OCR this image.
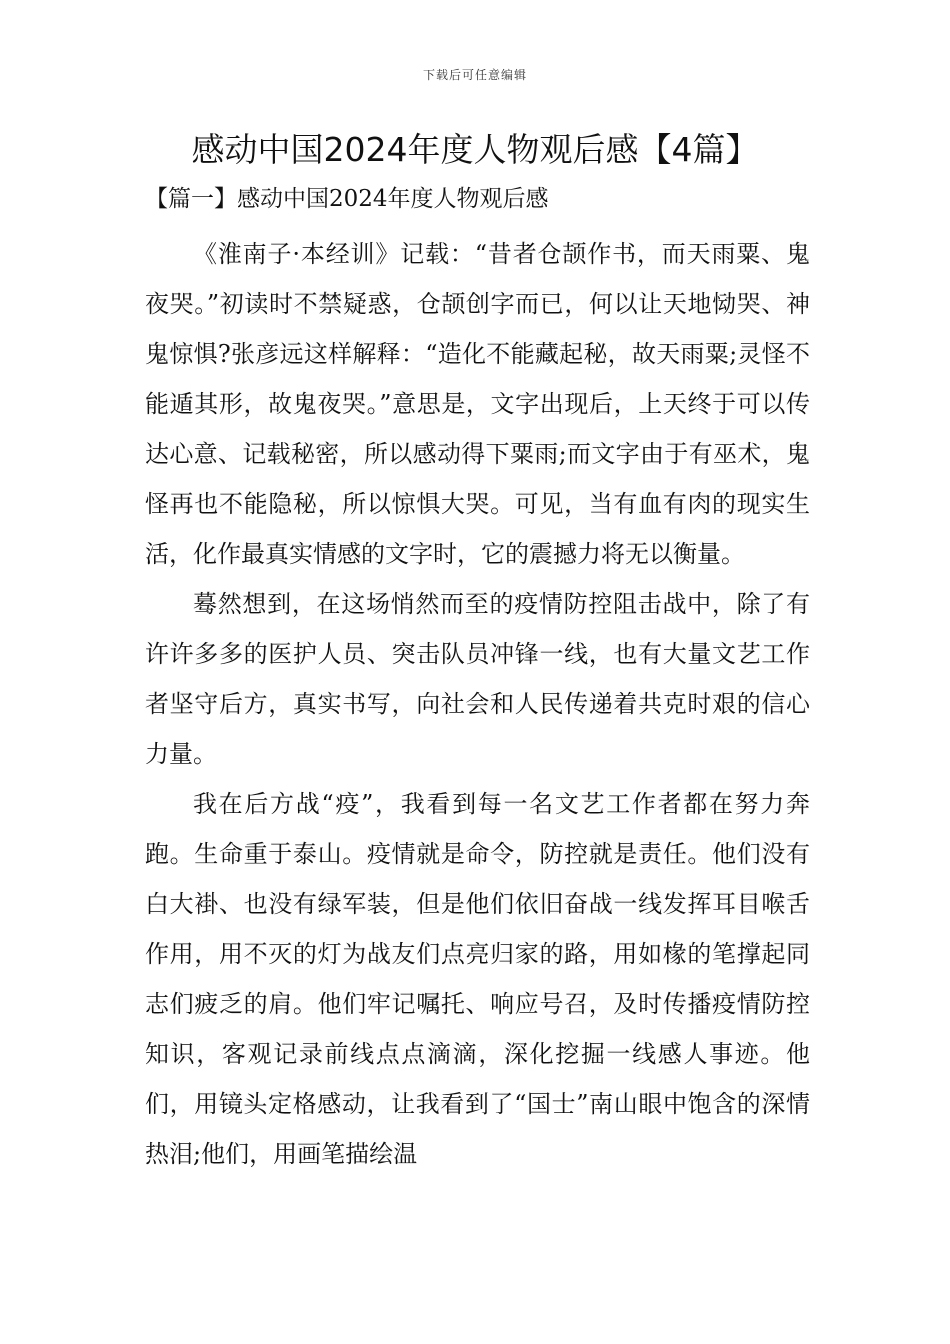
下载后可任意编辑
感动中国2024年度人物观后感【4篇】
【篇一】感动中国2024年度人物观后感

《淮南子·本经训》记载：“昔者仓颉作书，而天雨粟、鬼夜哭。”初读时不禁疑惑，仓颉创字而已，何以让天地恸哭、神鬼惊惧?张彦远这样解释：“造化不能藏起秘，故天雨粟;灵怪不能遁其形，故鬼夜哭。”意思是，文字出现后，上天终于可以传达心意、记载秘密，所以感动得下粟雨;而文字由于有巫术，鬼怪再也不能隐秘，所以惊惧大哭。可见，当有血有肉的现实生活，化作最真实情感的文字时，它的震撼力将无以衡量。

蓦然想到，在这场悄然而至的疫情防控阻击战中，除了有许许多多的医护人员、突击队员冲锋一线，也有大量文艺工作者坚守后方，真实书写，向社会和人民传递着共克时艰的信心力量。

我在后方战“疫”，我看到每一名文艺工作者都在努力奔跑。生命重于泰山。疫情就是命令，防控就是责任。他们没有白大褂、也没有绿军装，但是他们依旧奋战一线发挥耳目喉舌作用，用不灭的灯为战友们点亮归家的路，用如椽的笔撑起同志们疲乏的肩。他们牢记嘱托、响应号召，及时传播疫情防控知识，客观记录前线点点滴滴，深化挖掘一线感人事迹。他们，用镜头定格感动，让我看到了“国士”南山眼中饱含的深情热泪;他们，用画笔描绘温
